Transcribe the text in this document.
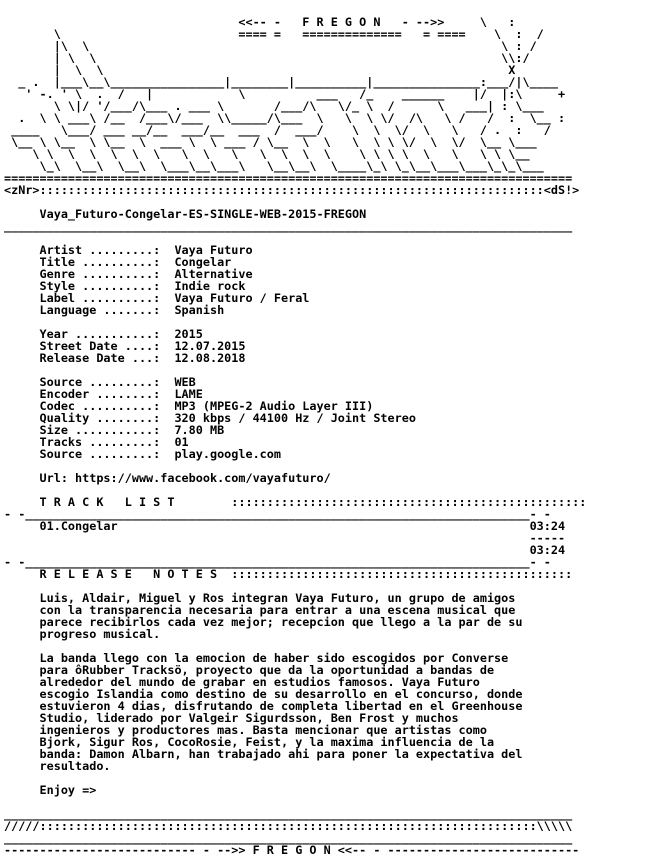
<<-- -   F R E G O N   - -->>     \   :
\                         ==== =   ==============   = ====    \  :  /
|\  \                                                          \ : /
| \  \                                                         \\:/
|  \  \                                                         X
_ .  |___\__\________________|________|__________|_______________:___/|\____
' -. ' \  .  /   |            \          ___   /_    ______    |/  |:\     +
\ \|/ '/___/\___ . ___ \       /___/\   \/_ \  /      \   ___| : \___
.  \ \ ___\ /__  /___\/___  \\_____/\___  \   \  \ \/  /\   \ /   /  :  \__ :
____   \___/ ___ __/__  ___/__  ___  /  ___/    \  \  \/  \   \   / .  :   /
\__ \ \__  \ \__  \  ___ \  \ ___ / \__  \  \   \  \ \ \/  \  \/  \__ \___
\ \  \  \  \  \  \   \  \   \   \  \  \  \    \ \ \ \  \   \   \ \ \__
\_\  \__\  \__\  \___\__\___\   \__\__\  \____\_\ \_\__\___\___\_\_\___
================================================================================
<zNr>:::::::::::::::::::::::::::::::::::::::::::::::::::::::::::::::::::::::<dS!>
Vaya_Futuro-Congelar-ES-SINGLE-WEB-2015-FREGON
________________________________________________________________________________
Artist .........:  Vaya Futuro
Title ..........:  Congelar
Genre ..........:  Alternative
Style ..........:  Indie rock
Label ..........:  Vaya Futuro / Feral
Language .......:  Spanish
Year ...........:  2015
Street Date ....:  12.07.2015
Release Date ...:  12.08.2018
Source .........:  WEB
Encoder ........:  LAME
Codec ..........:  MP3 (MPEG-2 Audio Layer III)
Quality ........:  320 kbps / 44100 Hz / Joint Stereo
Size ...........:  7.80 MB
Tracks .........:  01
Source .........:  play.google.com
Url: https://www.facebook.com/vayafuturo/
T R A C K   L I S T        ::::::::::::::::::::::::::::::::::::::::::::::::::
- -_______________________________________________________________________- -
01.Congelar                                                          03:24
-----
03:24
- -_______________________________________________________________________- -
R E L E A S E   N O T E S  ::::::::::::::::::::::::::::::::::::::::::::::::
Luis, Aldair, Miguel y Ros integran Vaya Futuro, un grupo de amigos
con la transparencia necesaria para entrar a una escena musical que
parece recibirlos cada vez mejor; recepcion que llego a la par de su
progreso musical.
La banda llego con la emocion de haber sido escogidos por Converse
para ôRubber Tracksö, proyecto que da la oportunidad a bandas de
alrededor del mundo de grabar en estudios famosos. Vaya Futuro
escogio Islandia como destino de su desarrollo en el concurso, donde
estuvieron 4 dias, disfrutando de completa libertad en el Greenhouse
Studio, liderado por Valgeir Sigurdsson, Ben Frost y muchos
ingenieros y productores mas. Basta mencionar que artistas como
Bjork, Sigur Ros, CocoRosie, Feist, y la maxima influencia de la
banda: Damon Albarn, han trabajado ahi para poner la expectativa del
resultado.
Enjoy =>
________________________________________________________________________________
/////::::::::::::::::::::::::::::::::::::::::::::::::::::::::::::::::::::::\\\\\
________________________________________________________________________________
--------------------------- - -->> F R E G O N <<-- - ---------------------------
